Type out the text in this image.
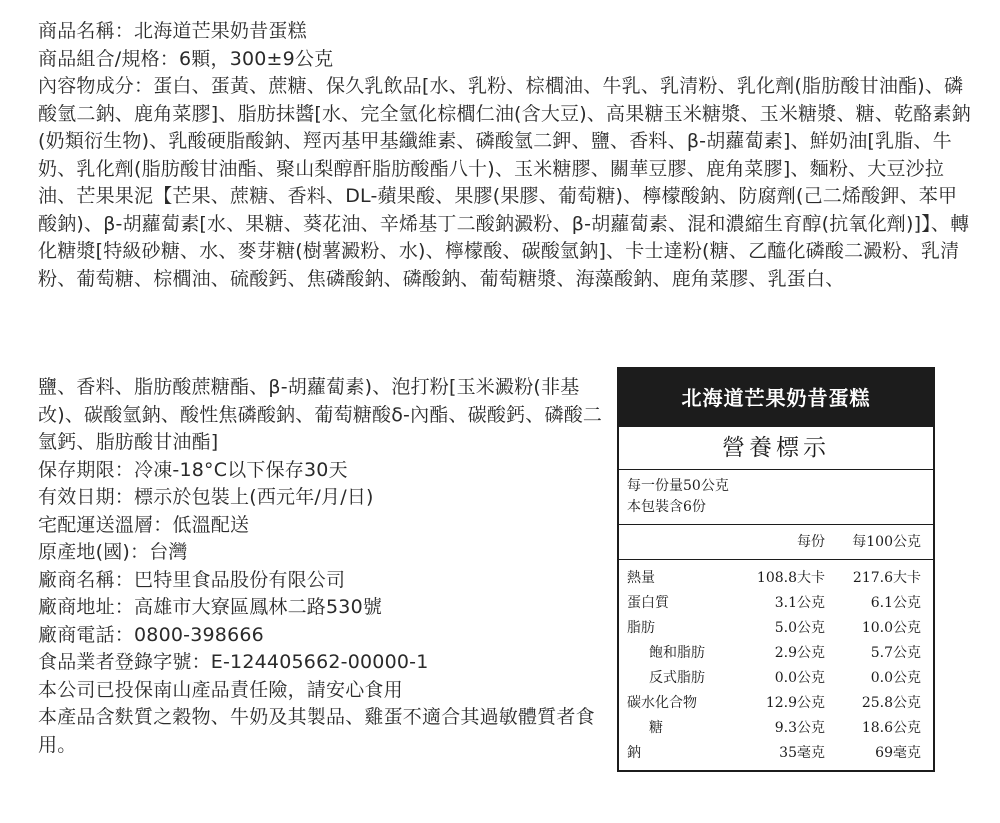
商品名稱：北海道芒果奶昔蛋糕

商品組合/規格：6顆，300±9公克

內容物成分：蛋白、蛋黃、蔗糖、保久乳飲品[水、乳粉、棕櫚油、牛乳、乳清粉、乳化劑(脂肪酸甘油酯)、磷酸氫二鈉、鹿角菜膠]、脂肪抹醬[水、完全氫化棕櫚仁油(含大豆)、高果糖玉米糖漿、玉米糖漿、糖、乾酪素鈉(奶類衍生物)、乳酸硬脂酸鈉、羥丙基甲基纖維素、磷酸氫二鉀、鹽、香料、β-胡蘿蔔素]、鮮奶油[乳脂、牛奶、乳化劑(脂肪酸甘油酯、聚山梨醇酐脂肪酸酯八十)、玉米糖膠、關華豆膠、鹿角菜膠]、麵粉、大豆沙拉油、芒果果泥【芒果、蔗糖、香料、DL-蘋果酸、果膠(果膠、葡萄糖)、檸檬酸鈉、防腐劑(己二烯酸鉀、苯甲酸鈉)、β-胡蘿蔔素[水、果糖、葵花油、辛烯基丁二酸鈉澱粉、β-胡蘿蔔素、混和濃縮生育醇(抗氧化劑)]】、轉化糖漿[特級砂糖、水、麥芽糖(樹薯澱粉、水)、檸檬酸、碳酸氫鈉]、卡士達粉(糖、乙醯化磷酸二澱粉、乳清粉、葡萄糖、棕櫚油、硫酸鈣、焦磷酸鈉、磷酸鈉、葡萄糖漿、海藻酸鈉、鹿角菜膠、乳蛋白、

鹽、香料、脂肪酸蔗糖酯、β-胡蘿蔔素)、泡打粉[玉米澱粉(非基改)、碳酸氫鈉、酸性焦磷酸鈉、葡萄糖酸δ-內酯、碳酸鈣、磷酸二氫鈣、脂肪酸甘油酯]

保存期限：冷凍-18°C以下保存30天

有效日期：標示於包裝上(西元年/月/日)

宅配運送溫層：低溫配送

原產地(國)：台灣

廠商名稱：巴特里食品股份有限公司

廠商地址：高雄市大寮區鳳林二路530號

廠商電話：0800-398666

食品業者登錄字號：E-124405662-00000-1

本公司已投保南山產品責任險，請安心食用

本產品含麩質之穀物、牛奶及其製品、雞蛋不適合其過敏體質者食用。

北海道芒果奶昔蛋糕
營養標示
每一份量50公克
本包裝含6份
每份	每100公克
熱量	108.8大卡	217.6大卡
蛋白質	3.1公克	6.1公克
脂肪	5.0公克	10.0公克
飽和脂肪	2.9公克	5.7公克
反式脂肪	0.0公克	0.0公克
碳水化合物	12.9公克	25.8公克
糖	9.3公克	18.6公克
鈉	35毫克	69毫克
